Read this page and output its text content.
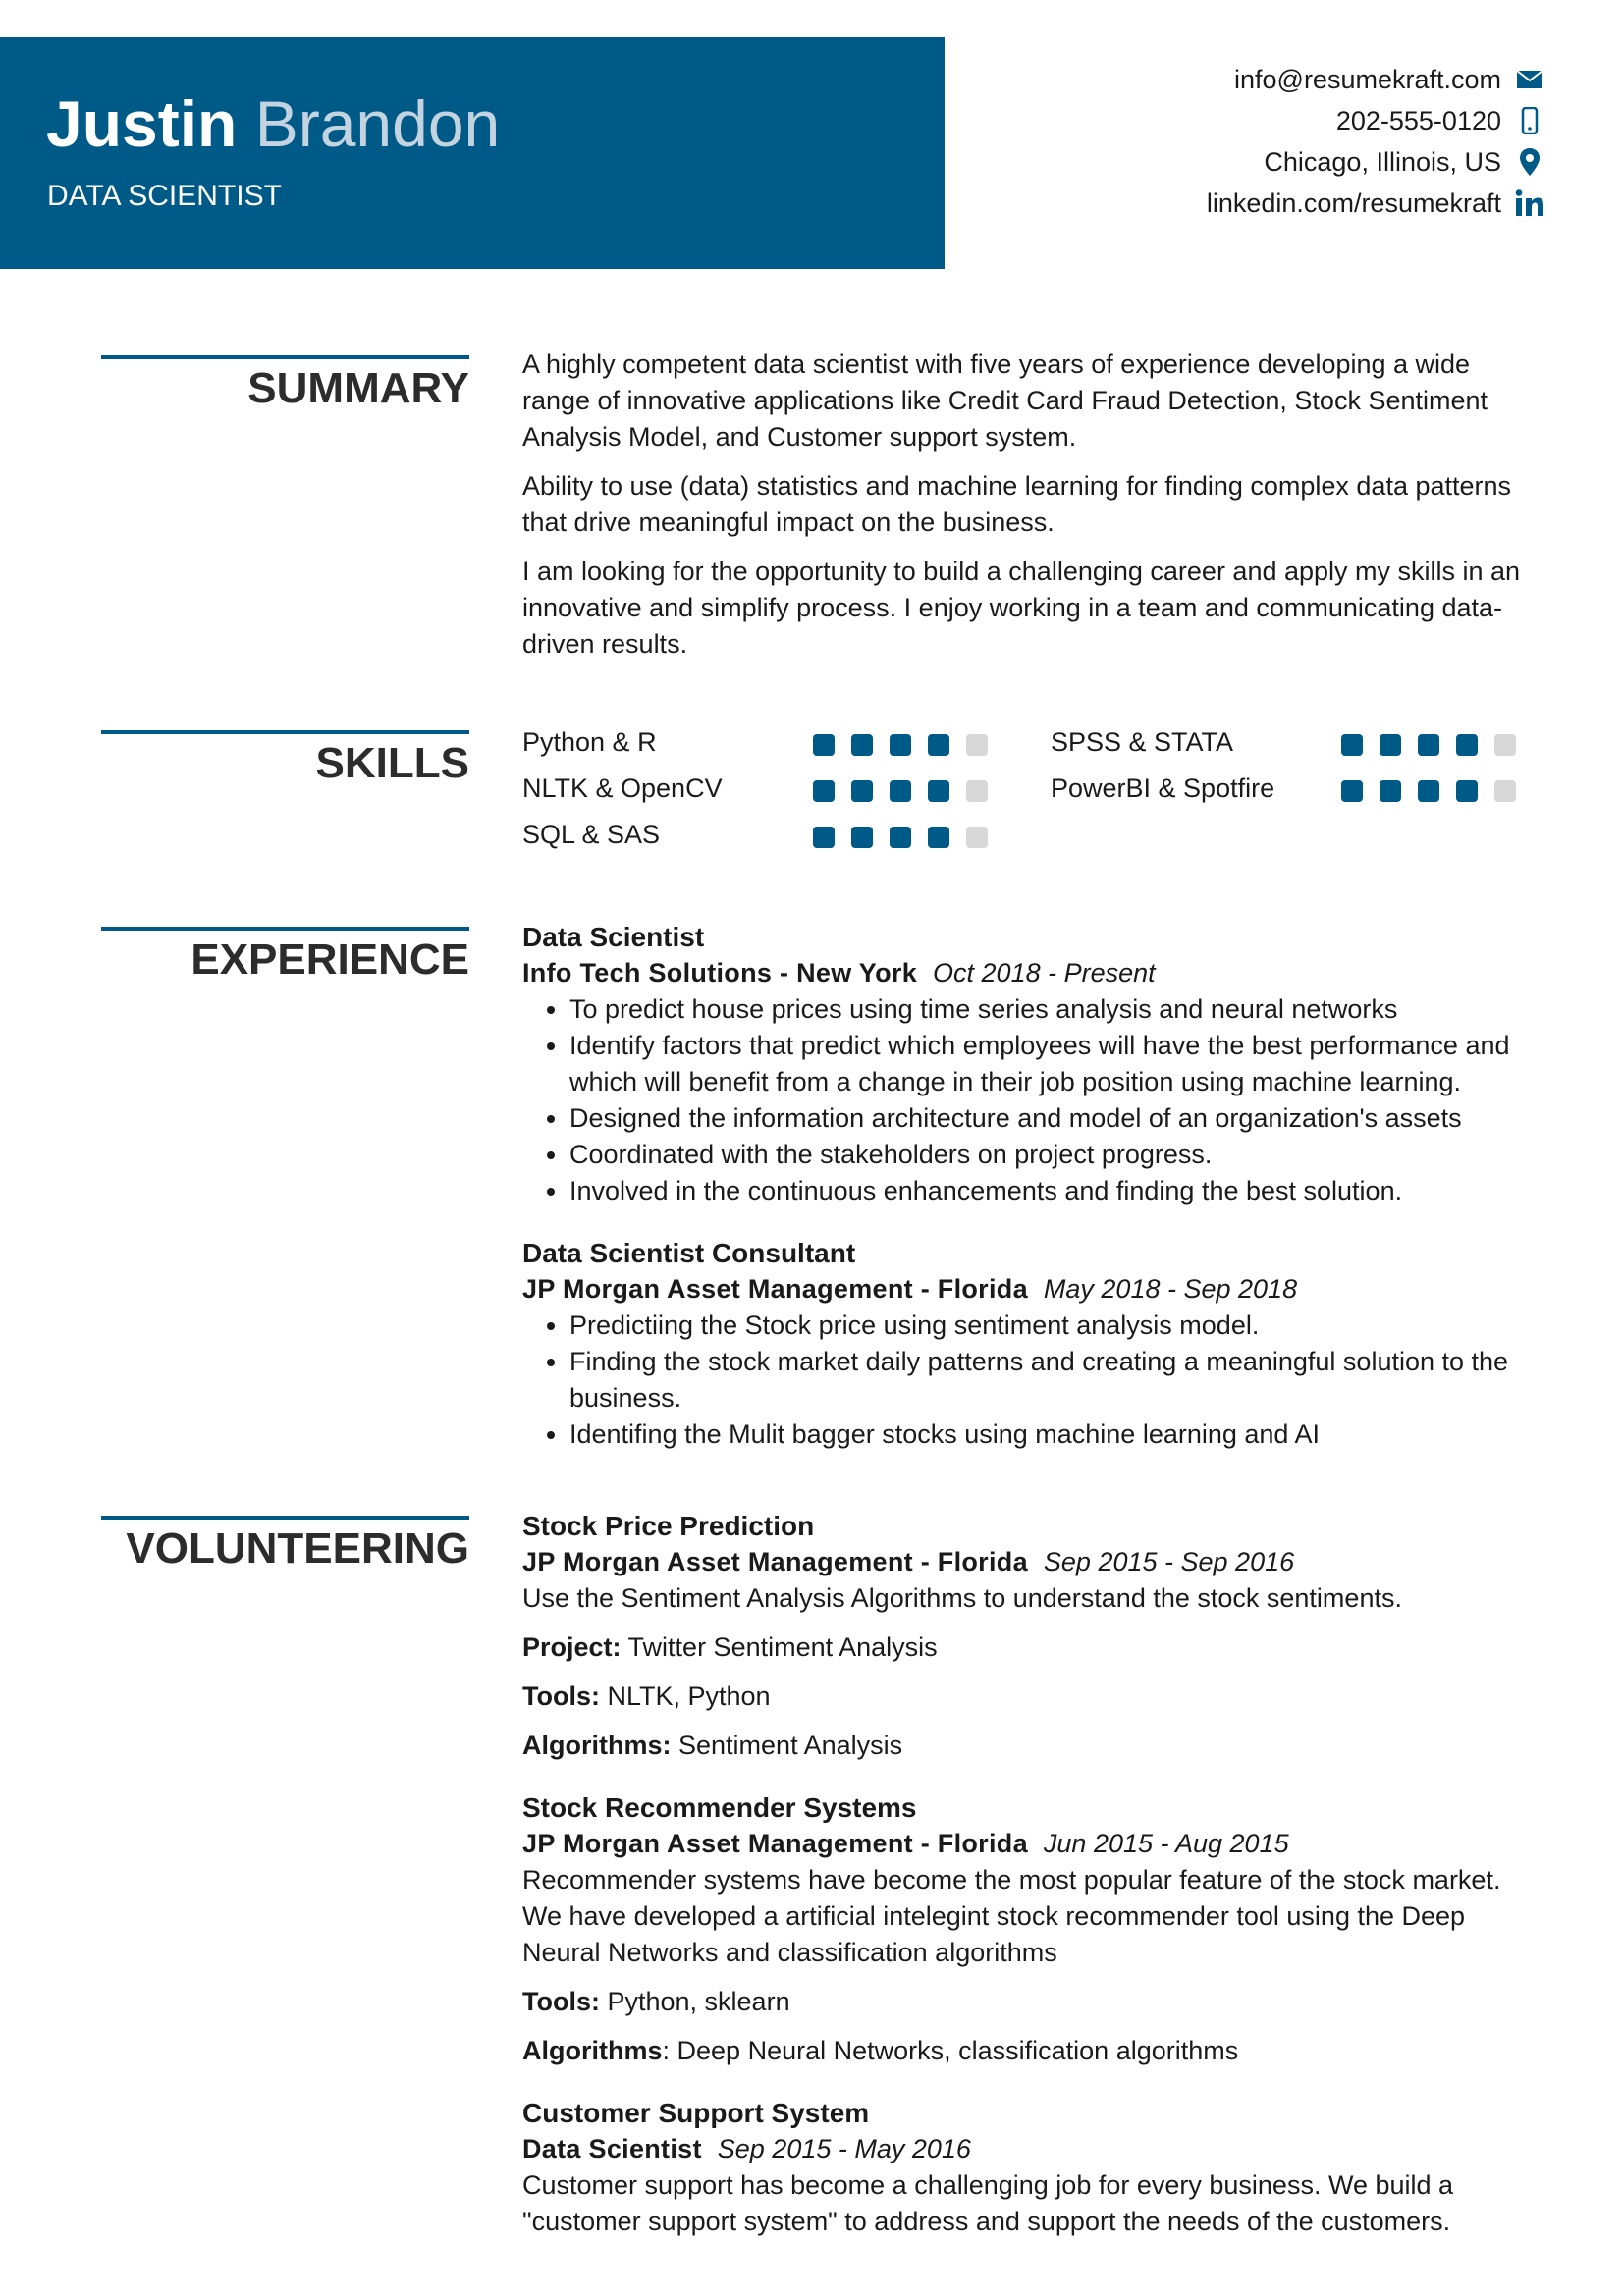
Justin Brandon
DATA SCIENTIST
info@resumekraft.com
202-555-0120
Chicago, Illinois, US
linkedin.com/resumekraft
SUMMARY A highly competent data scientist with five years of experience developing a wide range of innovative applications like Credit Card Fraud Detection, Stock Sentiment Analysis Model, and Customer support system.

Ability to use (data) statistics and machine learning for finding complex data patterns that drive meaningful impact on the business.

I am looking for the opportunity to build a challenging career and apply my skills in an innovative and simplify process. I enjoy working in a team and communicating data-driven results.

SKILLS Python & R
NLTK & OpenCV
SQL & SAS
SPSS & STATA
PowerBI & Spotfire
EXPERIENCE Data Scientist
Info Tech Solutions - New York Oct 2018 - Present
• To predict house prices using time series analysis and neural networks
• Identify factors that predict which employees will have the best performance and which will benefit from a change in their job position using machine learning.
• Designed the information architecture and model of an organization's assets
• Coordinated with the stakeholders on project progress.
• Involved in the continuous enhancements and finding the best solution.
Data Scientist Consultant
JP Morgan Asset Management - Florida May 2018 - Sep 2018
• Predictiing the Stock price using sentiment analysis model.
• Finding the stock market daily patterns and creating a meaningful solution to the business.
• Identifing the Mulit bagger stocks using machine learning and AI
VOLUNTEERING Stock Price Prediction
JP Morgan Asset Management - Florida Sep 2015 - Sep 2016

Use the Sentiment Analysis Algorithms to understand the stock sentiments.

Project: Twitter Sentiment Analysis

Tools: NLTK, Python

Algorithms: Sentiment Analysis

Stock Recommender Systems
JP Morgan Asset Management - Florida Jun 2015 - Aug 2015

Recommender systems have become the most popular feature of the stock market. We have developed a artificial intelegint stock recommender tool using the Deep Neural Networks and classification algorithms

Tools: Python, sklearn

Algorithms: Deep Neural Networks, classification algorithms

Customer Support System
Data Scientist Sep 2015 - May 2016

Customer support has become a challenging job for every business. We build a "customer support system" to address and support the needs of the customers.
